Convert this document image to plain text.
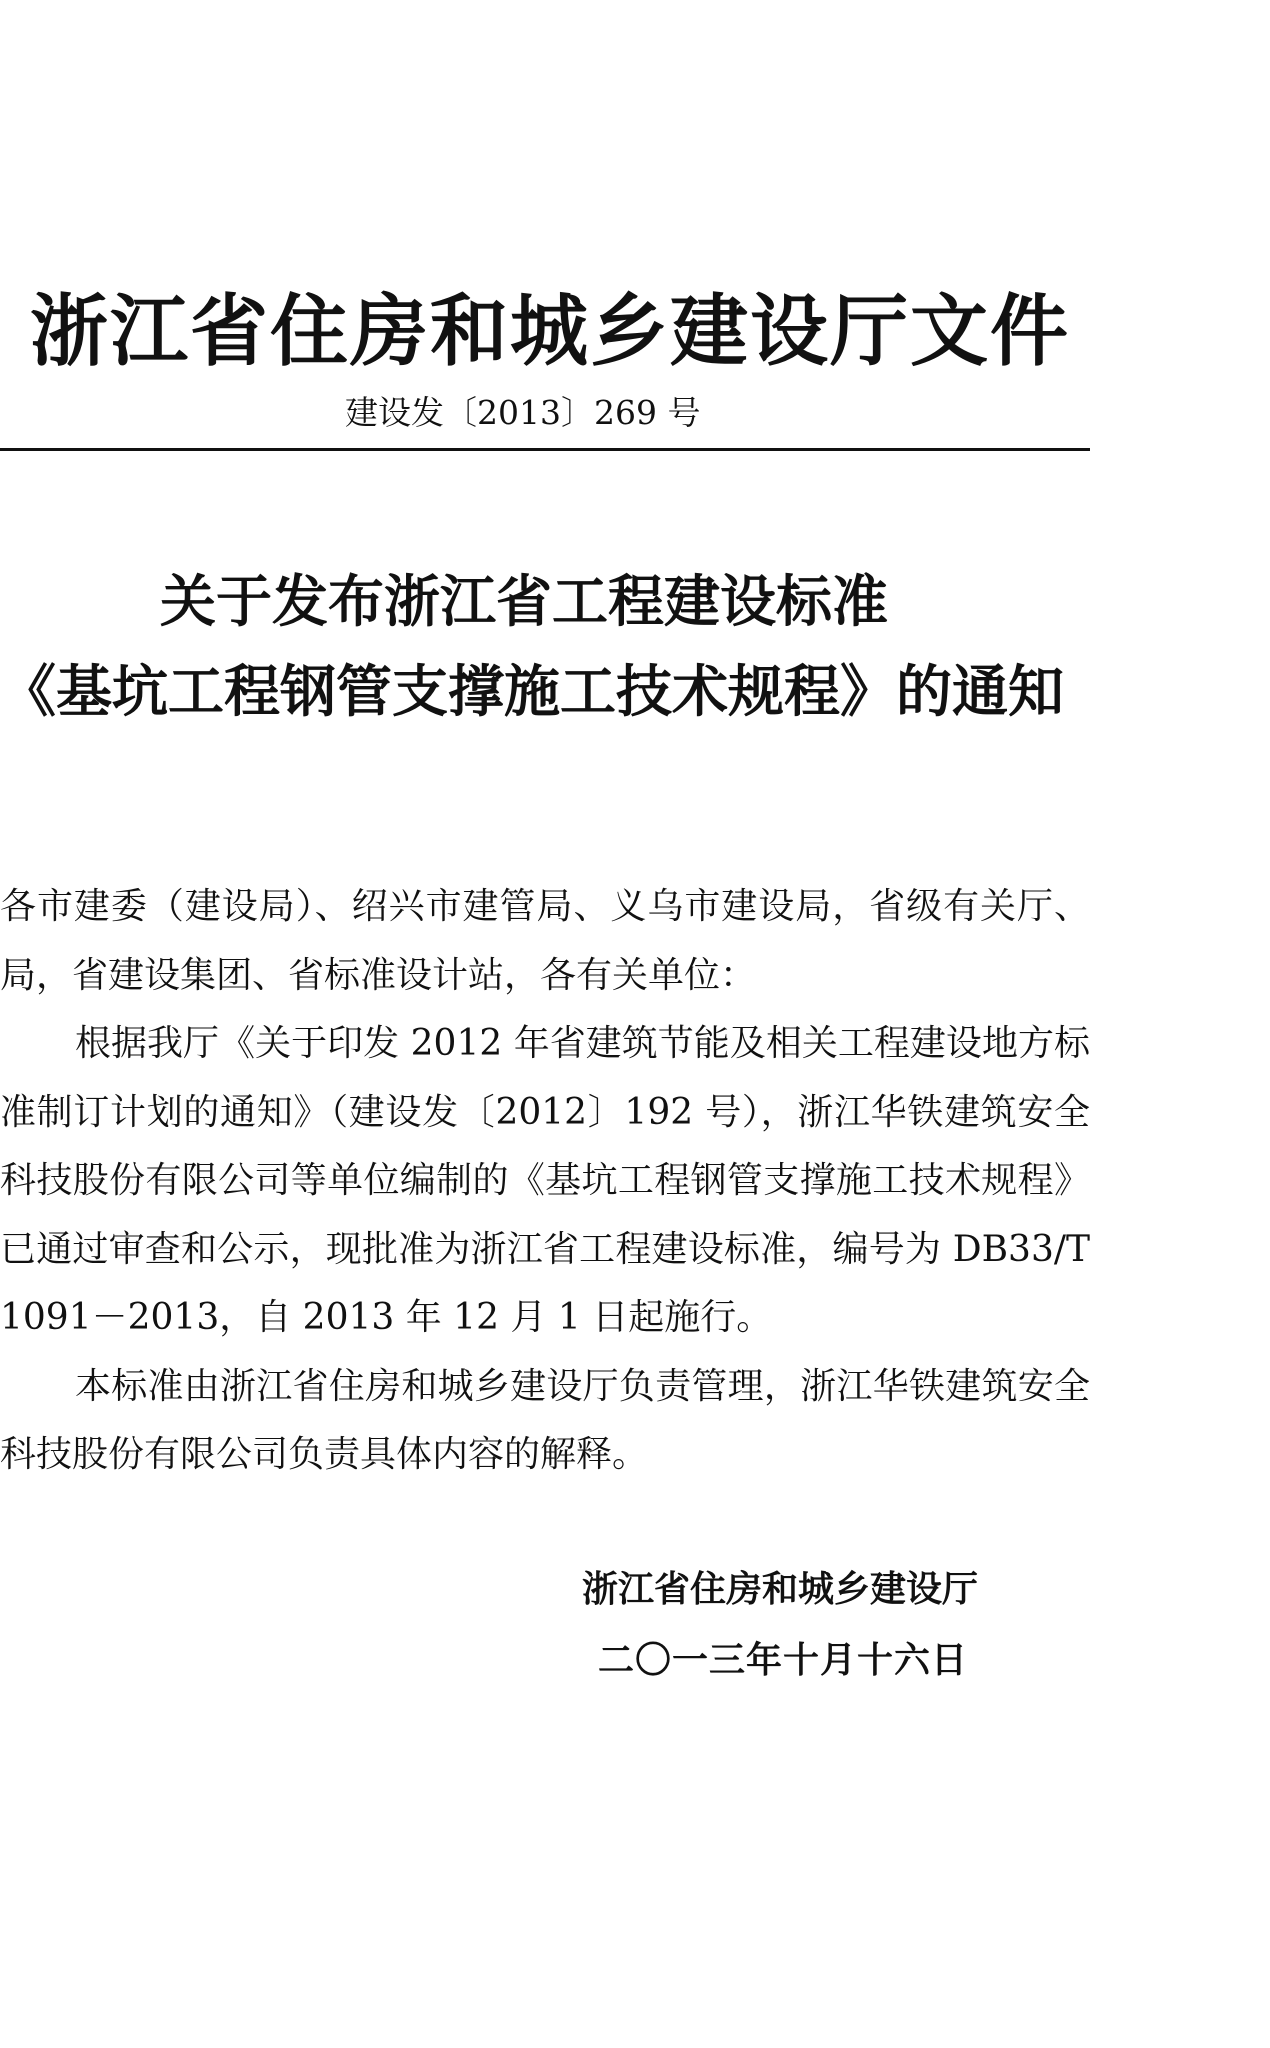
浙江省住房和城乡建设厅文件
建设发〔2013〕269 号
关于发布浙江省工程建设标准
《基坑工程钢管支撑施工技术规程》的通知

各市建委（建设局）、绍兴市建管局、义乌市建设局，省级有关厅、局，省建设集团、省标准设计站，各有关单位：

根据我厅《关于印发 2012 年省建筑节能及相关工程建设地方标准制订计划的通知》（建设发〔2012〕192 号），浙江华铁建筑安全科技股份有限公司等单位编制的《基坑工程钢管支撑施工技术规程》已通过审查和公示，现批准为浙江省工程建设标准，编号为 DB33/T 1091－2013，自 2013 年 12 月 1 日起施行。

本标准由浙江省住房和城乡建设厅负责管理，浙江华铁建筑安全科技股份有限公司负责具体内容的解释。

浙江省住房和城乡建设厅
二〇一三年十月十六日
